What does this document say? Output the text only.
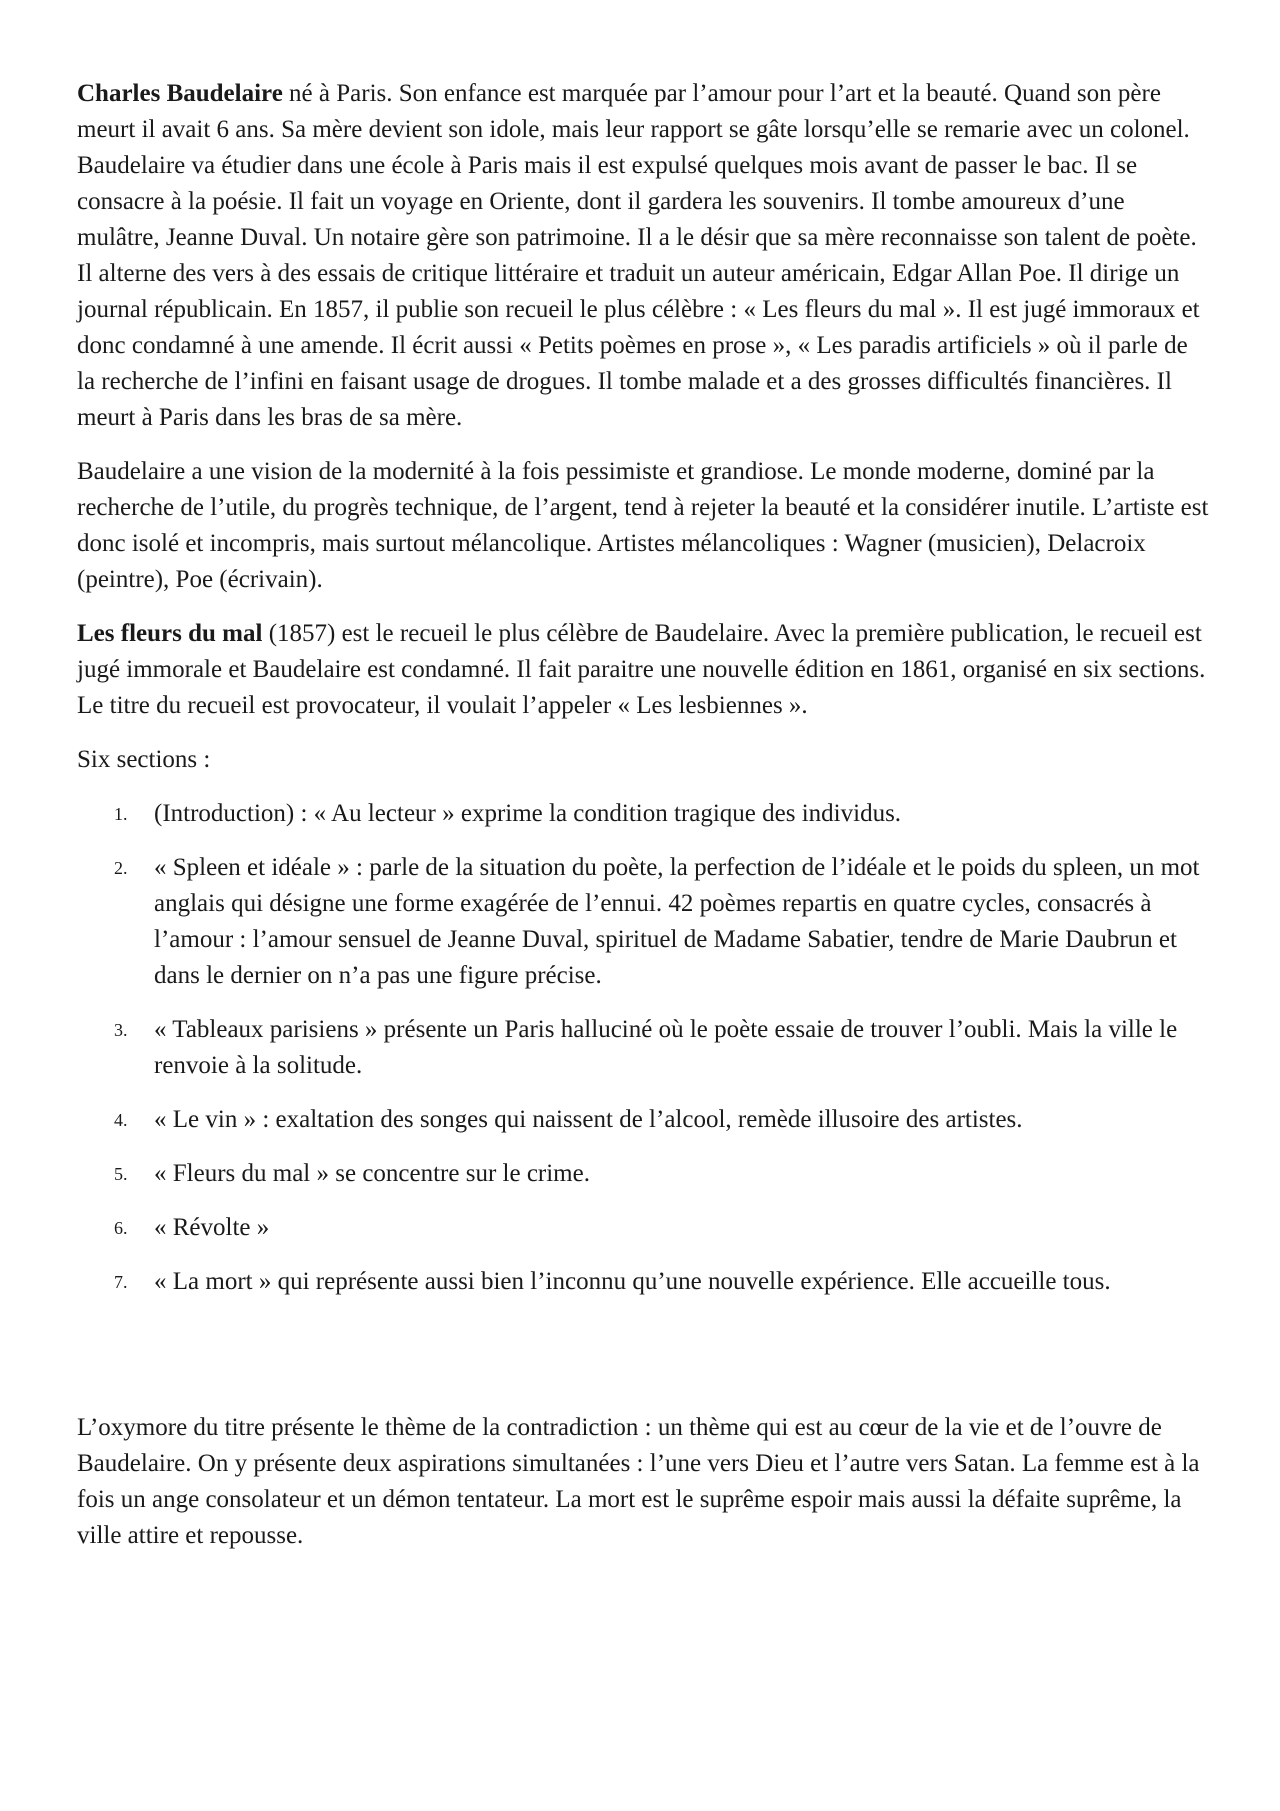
Charles Baudelaire né à Paris. Son enfance est marquée par l’amour pour l’art et la beauté. Quand son père meurt il avait 6 ans. Sa mère devient son idole, mais leur rapport se gâte lorsqu’elle se remarie avec un colonel. Baudelaire va étudier dans une école à Paris mais il est expulsé quelques mois avant de passer le bac. Il se consacre à la poésie. Il fait un voyage en Oriente, dont il gardera les souvenirs. Il tombe amoureux d’une mulâtre, Jeanne Duval. Un notaire gère son patrimoine. Il a le désir que sa mère reconnaisse son talent de poète. Il alterne des vers à des essais de critique littéraire et traduit un auteur américain, Edgar Allan Poe. Il dirige un journal républicain. En 1857, il publie son recueil le plus célèbre : « Les fleurs du mal ». Il est jugé immoraux et donc condamné à une amende. Il écrit aussi « Petits poèmes en prose », « Les paradis artificiels » où il parle de la recherche de l’infini en faisant usage de drogues. Il tombe malade et a des grosses difficultés financières. Il meurt à Paris dans les bras de sa mère.

Baudelaire a une vision de la modernité à la fois pessimiste et grandiose. Le monde moderne, dominé par la recherche de l’utile, du progrès technique, de l’argent, tend à rejeter la beauté et la considérer inutile. L’artiste est donc isolé et incompris, mais surtout mélancolique. Artistes mélancoliques : Wagner (musicien), Delacroix (peintre), Poe (écrivain).

Les fleurs du mal (1857) est le recueil le plus célèbre de Baudelaire. Avec la première publication, le recueil est jugé immorale et Baudelaire est condamné. Il fait paraitre une nouvelle édition en 1861, organisé en six sections. Le titre du recueil est provocateur, il voulait l’appeler « Les lesbiennes ».

Six sections :

1.	(Introduction) : « Au lecteur » exprime la condition tragique des individus.
2.	« Spleen et idéale » : parle de la situation du poète, la perfection de l’idéale et le poids du spleen, un mot anglais qui désigne une forme exagérée de l’ennui. 42 poèmes repartis en quatre cycles, consacrés à l’amour : l’amour sensuel de Jeanne Duval, spirituel de Madame Sabatier, tendre de Marie Daubrun et dans le dernier on n’a pas une figure précise.
3.	« Tableaux parisiens » présente un Paris halluciné où le poète essaie de trouver l’oubli. Mais la ville le renvoie à la solitude.
4.	« Le vin » : exaltation des songes qui naissent de l’alcool, remède illusoire des artistes.
5.	« Fleurs du mal » se concentre sur le crime.
6.	« Révolte »
7.	« La mort » qui représente aussi bien l’inconnu qu’une nouvelle expérience. Elle accueille tous.

L’oxymore du titre présente le thème de la contradiction : un thème qui est au cœur de la vie et de l’ouvre de Baudelaire. On y présente deux aspirations simultanées : l’une vers Dieu et l’autre vers Satan. La femme est à la fois un ange consolateur et un démon tentateur. La mort est le suprême espoir mais aussi la défaite suprême, la ville attire et repousse.
